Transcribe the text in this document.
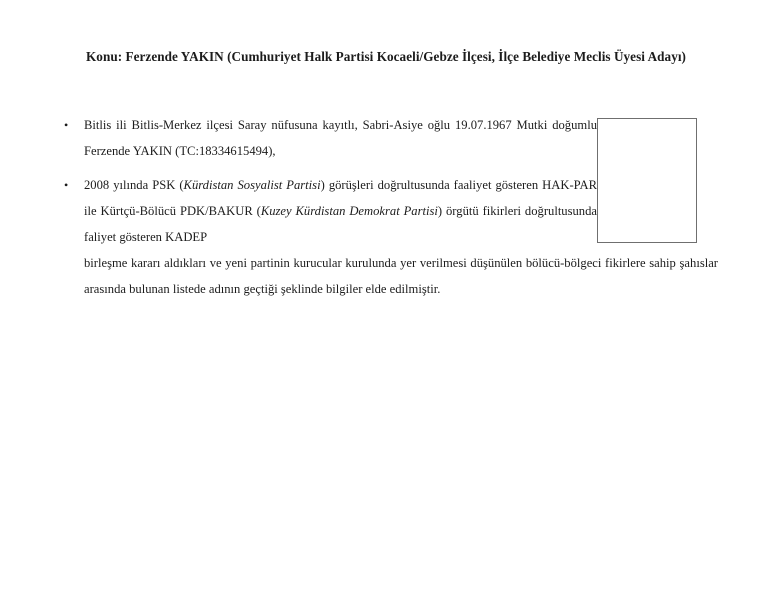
Konu: Ferzende YAKIN (Cumhuriyet Halk Partisi Kocaeli/Gebze İlçesi, İlçe Belediye Meclis Üyesi Adayı)
• Bitlis ili Bitlis-Merkez ilçesi Saray nüfusuna kayıtlı, Sabri-Asiye oğlu 19.07.1967 Mutki doğumlu Ferzende YAKIN (TC:18334615494),
• 2008 yılında PSK (Kürdistan Sosyalist Partisi) görüşleri doğrultusunda faaliyet gösteren HAK-PAR ile Kürtçü-Bölücü PDK/BAKUR (Kuzey Kürdistan Demokrat Partisi) örgütü fikirleri doğrultusunda faliyet gösteren KADEP
birleşme kararı aldıkları ve yeni partinin kurucular kurulunda yer verilmesi düşünülen bölücü-bölgeci fikirlere sahip şahıslar arasında bulunan listede adının geçtiği şeklinde bilgiler elde edilmiştir.
